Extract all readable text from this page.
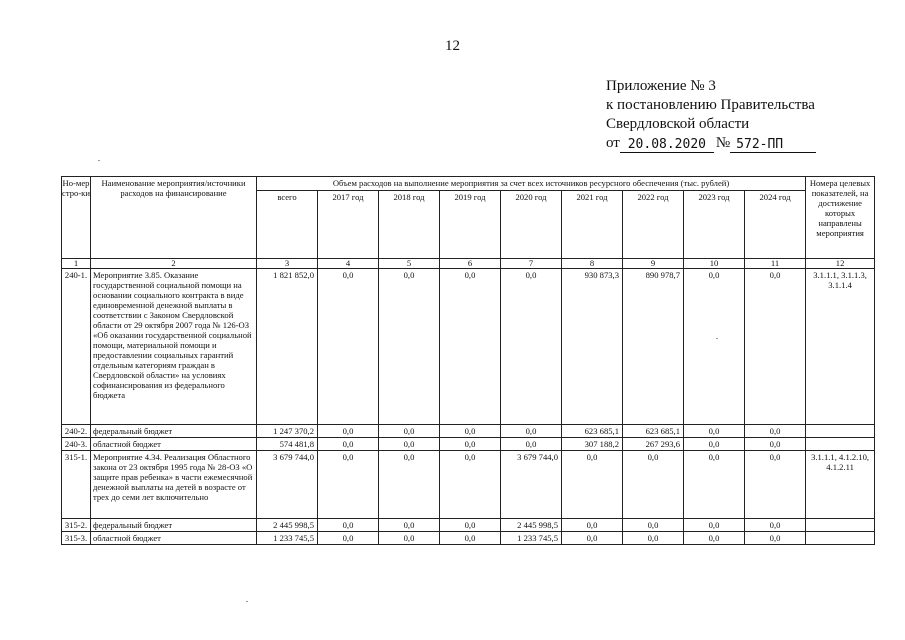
12
Приложение № 3
к постановлению Правительства
Свердловской области
от 20.08.2020 № 572-ПП
Но-мер стро-ки	Наименование мероприятия/источники расходов на финансирование	Объем расходов на выполнение мероприятия за счет всех источников ресурсного обеспечения (тыс. рублей)									Номера целевых показателей, на достижение которых направлены мероприятия
		всего	2017 год	2018 год	2019 год	2020 год	2021 год	2022 год	2023 год	2024 год	
1	2	3	4	5	6	7	8	9	10	11	12
240-1.	Мероприятие 3.85. Оказание государственной социальной помощи на основании социального контракта в виде единовременной денежной выплаты в соответствии с Законом Свердловской области от 29 октября 2007 года № 126-ОЗ «Об оказании государственной социальной помощи, материальной помощи и предоставлении социальных гарантий отдельным категориям граждан в Свердловской области» на условиях софинансирования из федерального бюджета	1 821 852,0	0,0	0,0	0,0	0,0	930 873,3	890 978,7	0,0	0,0	3.1.1.1, 3.1.1.3, 3.1.1.4
240-2.	федеральный бюджет	1 247 370,2	0,0	0,0	0,0	0,0	623 685,1	623 685,1	0,0	0,0	
240-3.	областной бюджет	574 481,8	0,0	0,0	0,0	0,0	307 188,2	267 293,6	0,0	0,0	
315-1.	Мероприятие 4.34. Реализация Областного закона от 23 октября 1995 года № 28-ОЗ «О защите прав ребенка» в части ежемесячной денежной выплаты на детей в возрасте от трех до семи лет включительно	3 679 744,0	0,0	0,0	0,0	3 679 744,0	0,0	0,0	0,0	0,0	3.1.1.1, 4.1.2.10, 4.1.2.11
315-2.	федеральный бюджет	2 445 998,5	0,0	0,0	0,0	2 445 998,5	0,0	0,0	0,0	0,0	
315-3.	областной бюджет	1 233 745,5	0,0	0,0	0,0	1 233 745,5	0,0	0,0	0,0	0,0	
